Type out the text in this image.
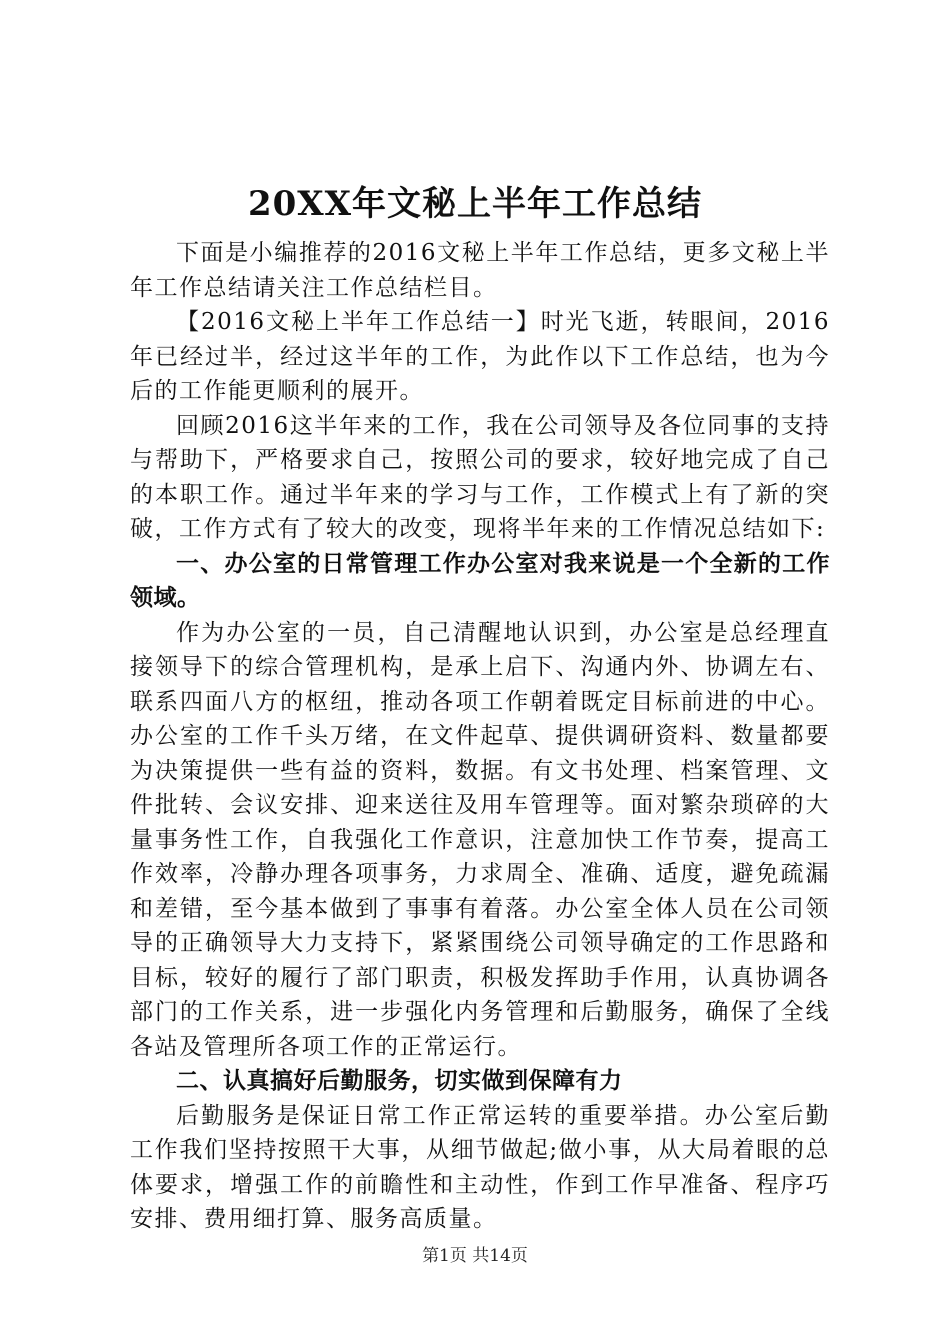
20XX年文秘上半年工作总结

下面是小编推荐的2016文秘上半年工作总结，更多文秘上半年工作总结请关注工作总结栏目。

【2016文秘上半年工作总结一】时光飞逝，转眼间，2016年已经过半，经过这半年的工作，为此作以下工作总结，也为今后的工作能更顺利的展开。

回顾2016这半年来的工作，我在公司领导及各位同事的支持与帮助下，严格要求自己，按照公司的要求，较好地完成了自己的本职工作。通过半年来的学习与工作，工作模式上有了新的突破，工作方式有了较大的改变，现将半年来的工作情况总结如下:

一、办公室的日常管理工作办公室对我来说是一个全新的工作领域。

作为办公室的一员，自己清醒地认识到，办公室是总经理直接领导下的综合管理机构，是承上启下、沟通内外、协调左右、联系四面八方的枢纽，推动各项工作朝着既定目标前进的中心。办公室的工作千头万绪，在文件起草、提供调研资料、数量都要为决策提供一些有益的资料，数据。有文书处理、档案管理、文件批转、会议安排、迎来送往及用车管理等。面对繁杂琐碎的大量事务性工作，自我强化工作意识，注意加快工作节奏，提高工作效率，冷静办理各项事务，力求周全、准确、适度，避免疏漏和差错，至今基本做到了事事有着落。办公室全体人员在公司领导的正确领导大力支持下，紧紧围绕公司领导确定的工作思路和目标，较好的履行了部门职责，积极发挥助手作用，认真协调各部门的工作关系，进一步强化内务管理和后勤服务，确保了全线各站及管理所各项工作的正常运行。

二、认真搞好后勤服务，切实做到保障有力

后勤服务是保证日常工作正常运转的重要举措。办公室后勤工作我们坚持按照干大事，从细节做起;做小事，从大局着眼的总体要求，增强工作的前瞻性和主动性，作到工作早准备、程序巧安排、费用细打算、服务高质量。

第1页 共14页
